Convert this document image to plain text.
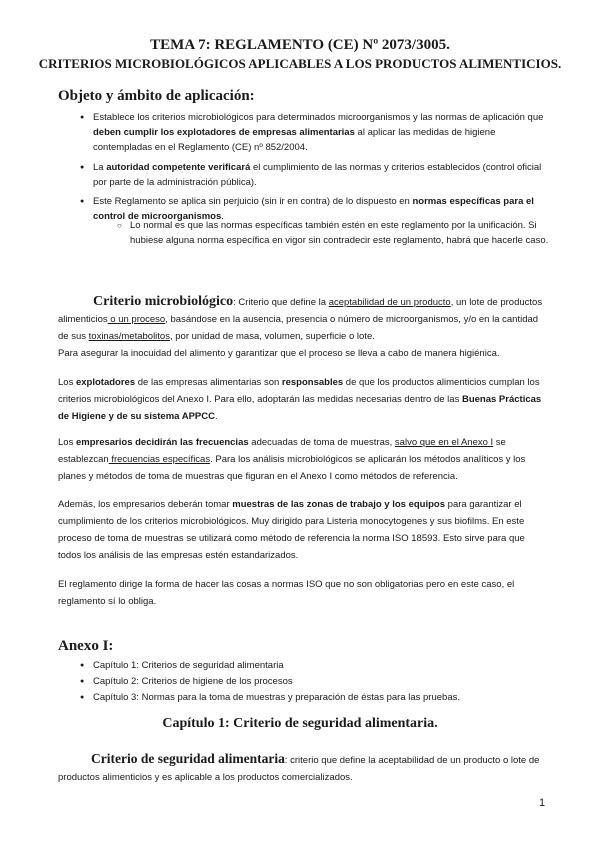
TEMA 7: REGLAMENTO (CE) Nº 2073/3005.
CRITERIOS MICROBIOLÓGICOS APLICABLES A LOS PRODUCTOS ALIMENTICIOS.
Objeto y ámbito de aplicación:
● Establece los criterios microbiológicos para determinados microorganismos y las normas de aplicación que deben cumplir los explotadores de empresas alimentarias al aplicar las medidas de higiene contempladas en el Reglamento (CE) nº 852/2004.
● La autoridad competente verificará el cumplimiento de las normas y criterios establecidos (control oficial por parte de la administración pública).
● Este Reglamento se aplica sin perjuicio (sin ir en contra) de lo dispuesto en normas específicas para el control de microorganismos.
○ Lo normal es que las normas específicas también estén en este reglamento por la unificación. Si hubiese alguna norma específica en vigor sin contradecir este reglamento, habrá que hacerle caso.

Criterio microbiológico: Criterio que define la aceptabilidad de un producto, un lote de productos alimenticios o un proceso, basándose en la ausencia, presencia o número de microorganismos, y/o en la cantidad de sus toxinas/metabolitos, por unidad de masa, volumen, superficie o lote.

Para asegurar la inocuidad del alimento y garantizar que el proceso se lleva a cabo de manera higiénica.

Los explotadores de las empresas alimentarias son responsables de que los productos alimenticios cumplan los criterios microbiológicos del Anexo I. Para ello, adoptarán las medidas necesarias dentro de las Buenas Prácticas de Higiene y de su sistema APPCC.

Los empresarios decidirán las frecuencias adecuadas de toma de muestras, salvo que en el Anexo I se establezcan frecuencias específicas. Para los análisis microbiológicos se aplicarán los métodos analíticos y los planes y métodos de toma de muestras que figuran en el Anexo I como métodos de referencia.

Además, los empresarios deberán tomar muestras de las zonas de trabajo y los equipos para garantizar el cumplimiento de los criterios microbiológicos. Muy dirigido para Listeria monocytogenes y sus biofilms. En este proceso de toma de muestras se utilizará como método de referencia la norma ISO 18593. Esto sirve para que todos los análisis de las empresas estén estandarizados.

El reglamento dirige la forma de hacer las cosas a normas ISO que no son obligatorias pero en este caso, el reglamento sí lo obliga.

Anexo I:
● Capítulo 1: Criterios de seguridad alimentaria
● Capítulo 2: Criterios de higiene de los procesos
● Capítulo 3: Normas para la toma de muestras y preparación de éstas para las pruebas.
Capítulo 1: Criterio de seguridad alimentaria.
Criterio de seguridad alimentaria: criterio que define la aceptabilidad de un producto o lote de productos alimenticios y es aplicable a los productos comercializados.
1
